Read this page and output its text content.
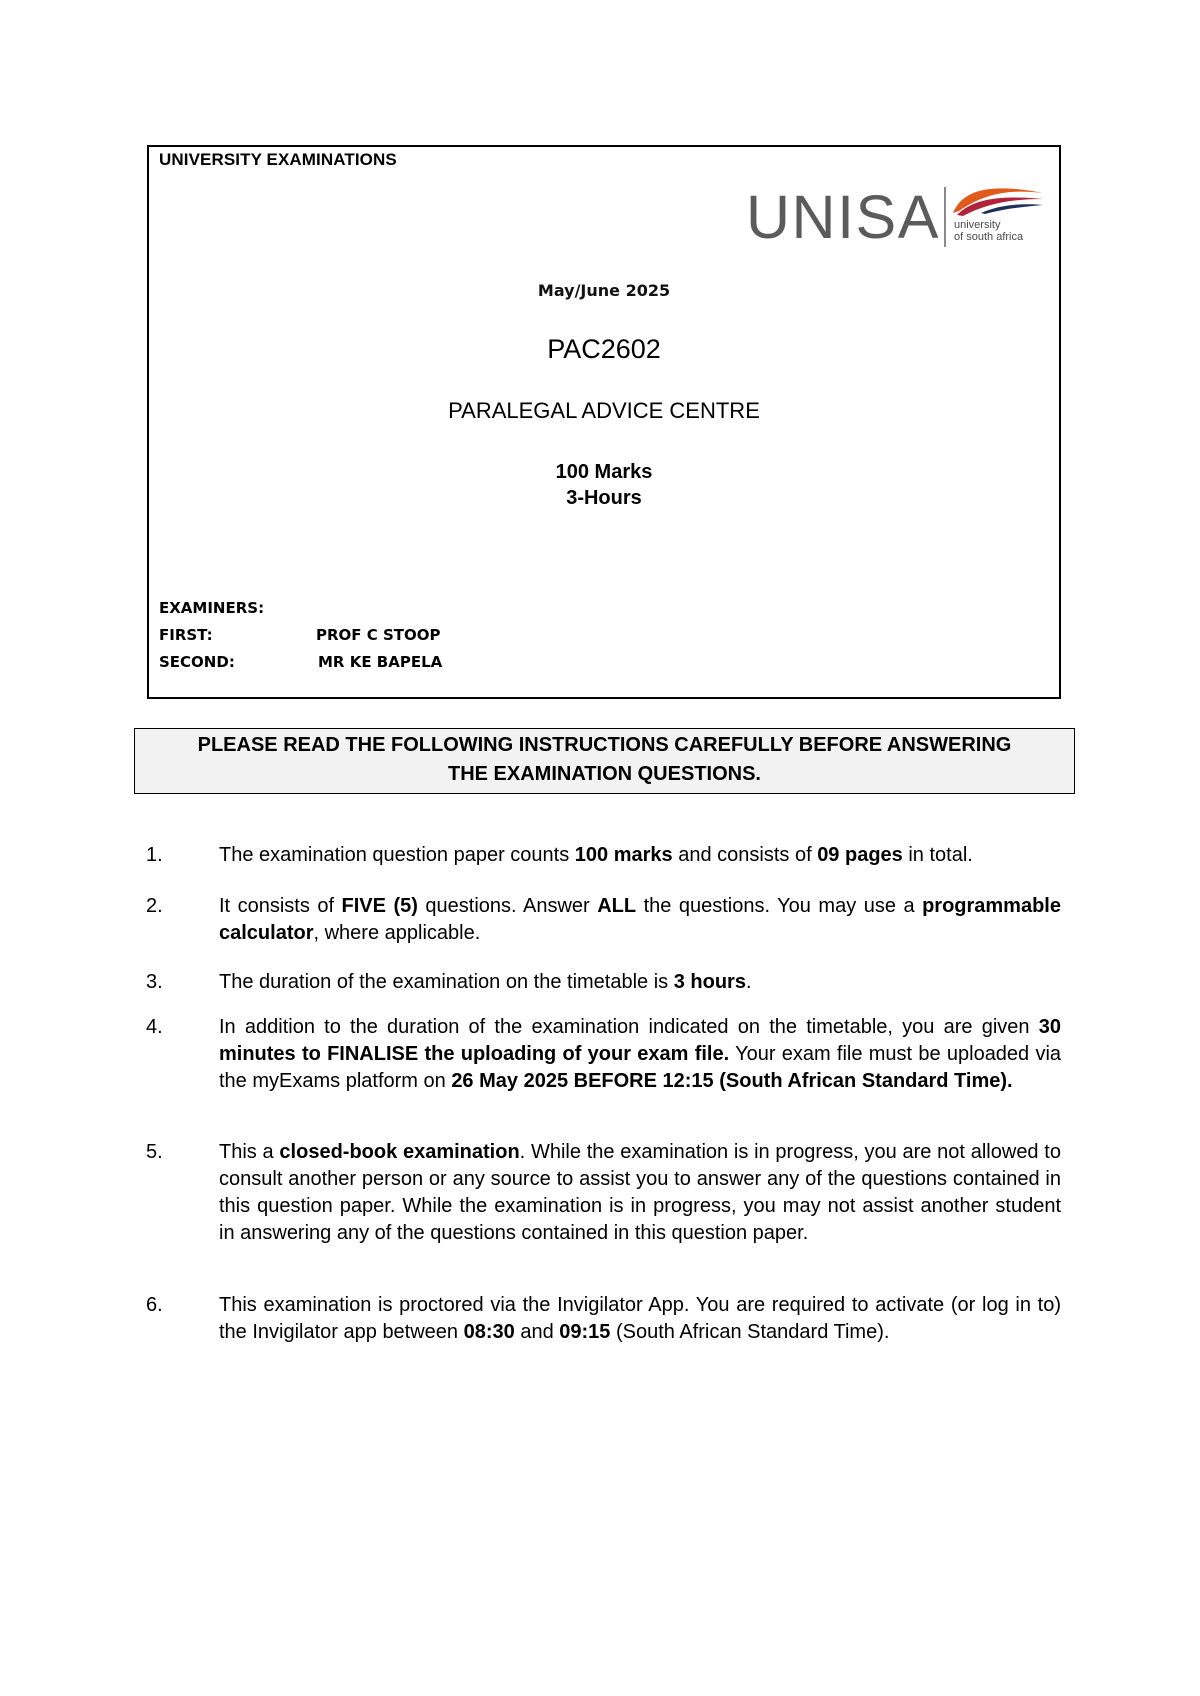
UNIVERSITY EXAMINATIONS
UNISA university
of south africa
May/June 2025
PAC2602
PARALEGAL ADVICE CENTRE
100 Marks
3-Hours
EXAMINERS:
FIRST:	PROF C STOOP
SECOND:	MR KE BAPELA
PLEASE READ THE FOLLOWING INSTRUCTIONS CAREFULLY BEFORE ANSWERING
THE EXAMINATION QUESTIONS.
1.	The examination question paper counts 100 marks and consists of 09 pages in total.
2.	It consists of FIVE (5) questions. Answer ALL the questions. You may use a programmable calculator, where applicable.
3.	The duration of the examination on the timetable is 3 hours.
4.	In addition to the duration of the examination indicated on the timetable, you are given 30 minutes to FINALISE the uploading of your exam file. Your exam file must be uploaded via the myExams platform on 26 May 2025 BEFORE 12:15 (South African Standard Time).
5.	This a closed-book examination. While the examination is in progress, you are not allowed to consult another person or any source to assist you to answer any of the questions contained in this question paper. While the examination is in progress, you may not assist another student in answering any of the questions contained in this question paper.
6.	This examination is proctored via the Invigilator App. You are required to activate (or log in to) the Invigilator app between 08:30 and 09:15 (South African Standard Time).
